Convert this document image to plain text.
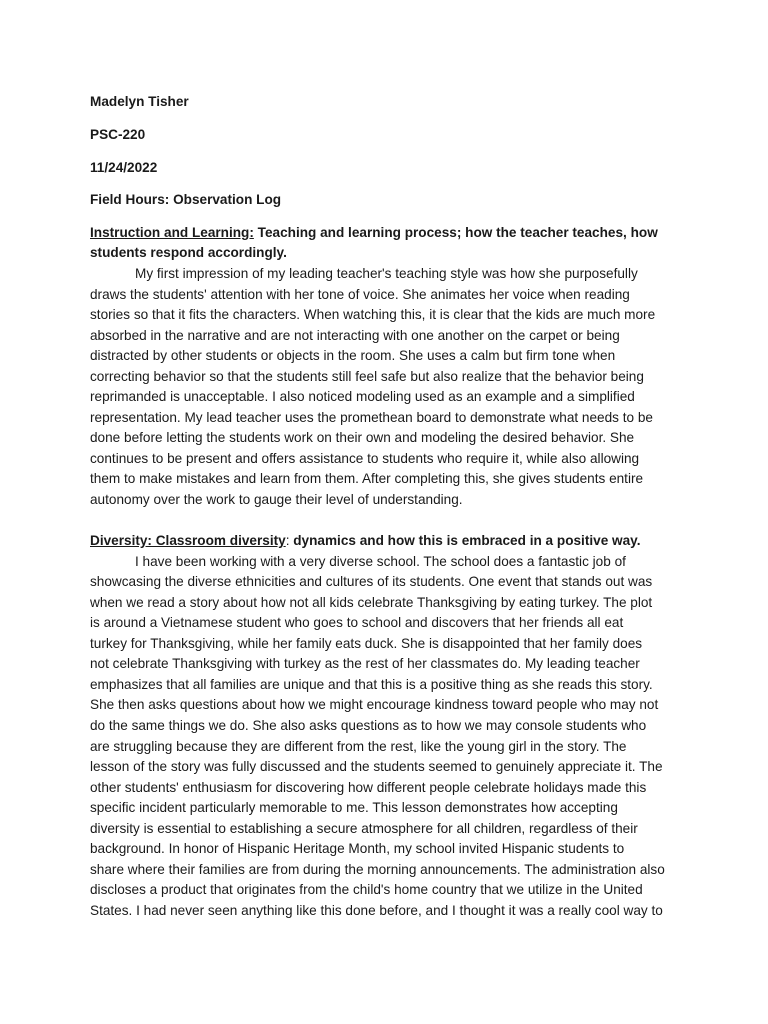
Madelyn Tisher
PSC-220
11/24/2022
Field Hours: Observation Log
Instruction and Learning: Teaching and learning process; how the teacher teaches, how
students respond accordingly.
My first impression of my leading teacher's teaching style was how she purposefully
draws the students' attention with her tone of voice. She animates her voice when reading
stories so that it fits the characters. When watching this, it is clear that the kids are much more
absorbed in the narrative and are not interacting with one another on the carpet or being
distracted by other students or objects in the room. She uses a calm but firm tone when
correcting behavior so that the students still feel safe but also realize that the behavior being
reprimanded is unacceptable. I also noticed modeling used as an example and a simplified
representation. My lead teacher uses the promethean board to demonstrate what needs to be
done before letting the students work on their own and modeling the desired behavior. She
continues to be present and offers assistance to students who require it, while also allowing
them to make mistakes and learn from them. After completing this, she gives students entire
autonomy over the work to gauge their level of understanding.
Diversity: Classroom diversity: dynamics and how this is embraced in a positive way.
I have been working with a very diverse school. The school does a fantastic job of
showcasing the diverse ethnicities and cultures of its students. One event that stands out was
when we read a story about how not all kids celebrate Thanksgiving by eating turkey. The plot
is around a Vietnamese student who goes to school and discovers that her friends all eat
turkey for Thanksgiving, while her family eats duck. She is disappointed that her family does
not celebrate Thanksgiving with turkey as the rest of her classmates do. My leading teacher
emphasizes that all families are unique and that this is a positive thing as she reads this story.
She then asks questions about how we might encourage kindness toward people who may not
do the same things we do. She also asks questions as to how we may console students who
are struggling because they are different from the rest, like the young girl in the story. The
lesson of the story was fully discussed and the students seemed to genuinely appreciate it. The
other students' enthusiasm for discovering how different people celebrate holidays made this
specific incident particularly memorable to me. This lesson demonstrates how accepting
diversity is essential to establishing a secure atmosphere for all children, regardless of their
background. In honor of Hispanic Heritage Month, my school invited Hispanic students to
share where their families are from during the morning announcements. The administration also
discloses a product that originates from the child's home country that we utilize in the United
States. I had never seen anything like this done before, and I thought it was a really cool way to
